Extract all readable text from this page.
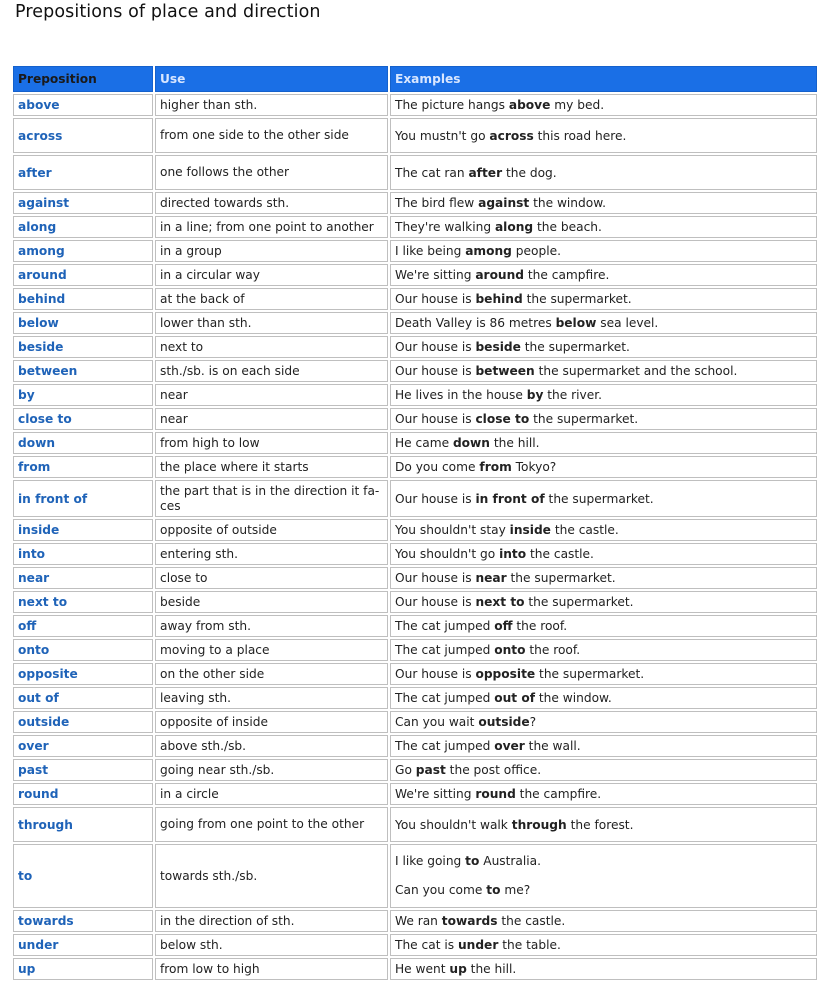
Prepositions of place and direction
Preposition	Use	Examples
above	higher than sth.	The picture hangs above my bed.
across	from one side to the other side	You mustn't go across this road here.
after	one follows the other	The cat ran after the dog.
against	directed towards sth.	The bird flew against the window.
along	in a line; from one point to another	They're walking along the beach.
among	in a group	I like being among people.
around	in a circular way	We're sitting around the campfire.
behind	at the back of	Our house is behind the supermarket.
below	lower than sth.	Death Valley is 86 metres below sea level.
beside	next to	Our house is beside the supermarket.
between	sth./sb. is on each side	Our house is between the supermarket and the school.
by	near	He lives in the house by the river.
close to	near	Our house is close to the supermarket.
down	from high to low	He came down the hill.
from	the place where it starts	Do you come from Tokyo?
in front of	the part that is in the direction it fa-ces	Our house is in front of the supermarket.
inside	opposite of outside	You shouldn't stay inside the castle.
into	entering sth.	You shouldn't go into the castle.
near	close to	Our house is near the supermarket.
next to	beside	Our house is next to the supermarket.
off	away from sth.	The cat jumped off the roof.
onto	moving to a place	The cat jumped onto the roof.
opposite	on the other side	Our house is opposite the supermarket.
out of	leaving sth.	The cat jumped out of the window.
outside	opposite of inside	Can you wait outside?
over	above sth./sb.	The cat jumped over the wall.
past	going near sth./sb.	Go past the post office.
round	in a circle	We're sitting round the campfire.
through	going from one point to the other	You shouldn't walk through the forest.
to	towards sth./sb.	I like going to Australia.
Can you come to me?

towards	in the direction of sth.	We ran towards the castle.
under	below sth.	The cat is under the table.
up	from low to high	He went up the hill.
